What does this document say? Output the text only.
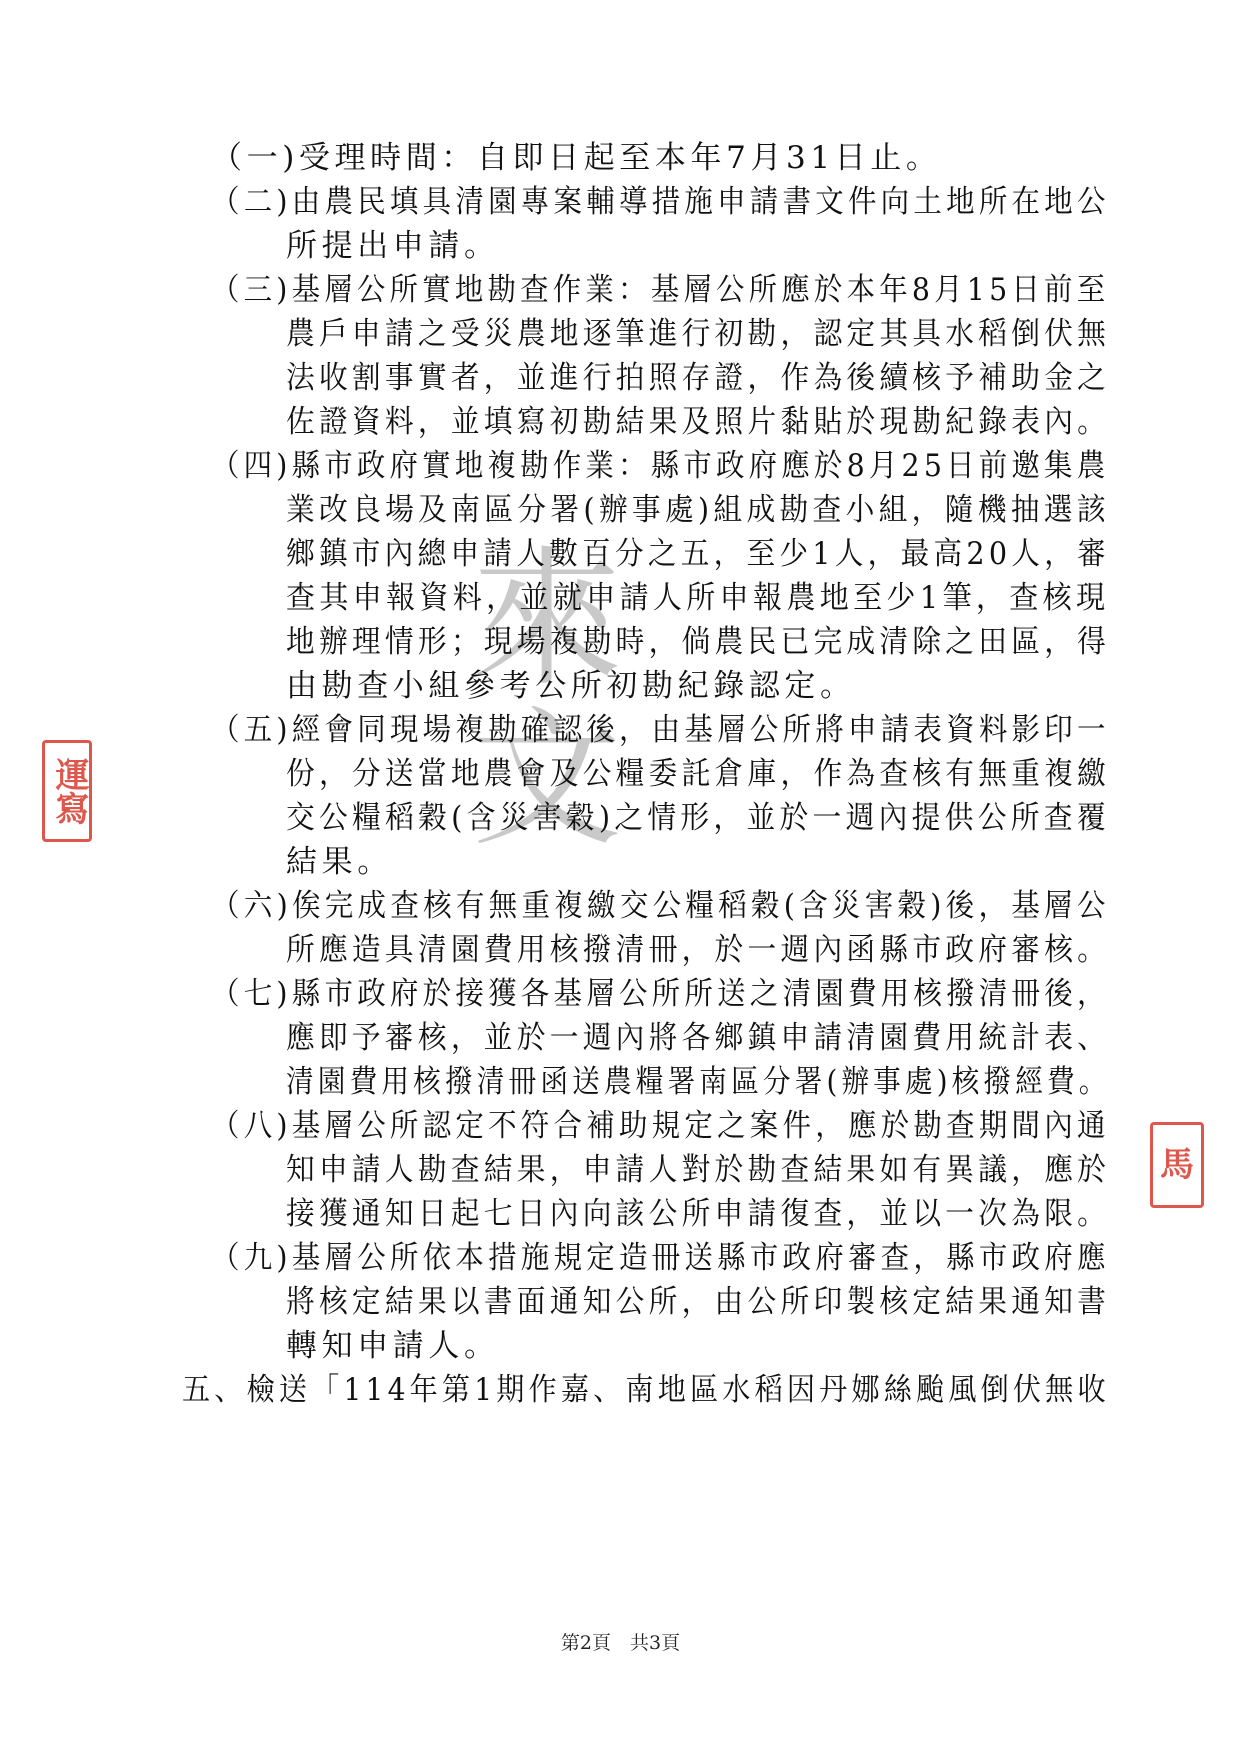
來
文
運寫
馬
（一)受理時間：自即日起至本年7月31日止。
（二)由農民填具清園專案輔導措施申請書文件向土地所在地公
所提出申請。
（三)基層公所實地勘查作業：基層公所應於本年8月15日前至
農戶申請之受災農地逐筆進行初勘，認定其具水稻倒伏無
法收割事實者，並進行拍照存證，作為後續核予補助金之
佐證資料，並填寫初勘結果及照片黏貼於現勘紀錄表內。
（四)縣市政府實地複勘作業：縣市政府應於8月25日前邀集農
業改良場及南區分署(辦事處)組成勘查小組，隨機抽選該
鄉鎮市內總申請人數百分之五，至少1人，最高20人，審
查其申報資料，並就申請人所申報農地至少1筆，查核現
地辦理情形；現場複勘時，倘農民已完成清除之田區，得
由勘查小組參考公所初勘紀錄認定。
（五)經會同現場複勘確認後，由基層公所將申請表資料影印一
份，分送當地農會及公糧委託倉庫，作為查核有無重複繳
交公糧稻穀(含災害穀)之情形，並於一週內提供公所查覆
結果。
（六)俟完成查核有無重複繳交公糧稻穀(含災害穀)後，基層公
所應造具清園費用核撥清冊，於一週內函縣市政府審核。
（七)縣市政府於接獲各基層公所所送之清園費用核撥清冊後，
應即予審核，並於一週內將各鄉鎮申請清園費用統計表、
清園費用核撥清冊函送農糧署南區分署(辦事處)核撥經費。
（八)基層公所認定不符合補助規定之案件，應於勘查期間內通
知申請人勘查結果，申請人對於勘查結果如有異議，應於
接獲通知日起七日內向該公所申請復查，並以一次為限。
（九)基層公所依本措施規定造冊送縣市政府審查，縣市政府應
將核定結果以書面通知公所，由公所印製核定結果通知書
轉知申請人。
五、檢送「114年第1期作嘉、南地區水稻因丹娜絲颱風倒伏無收
第2頁　共3頁
